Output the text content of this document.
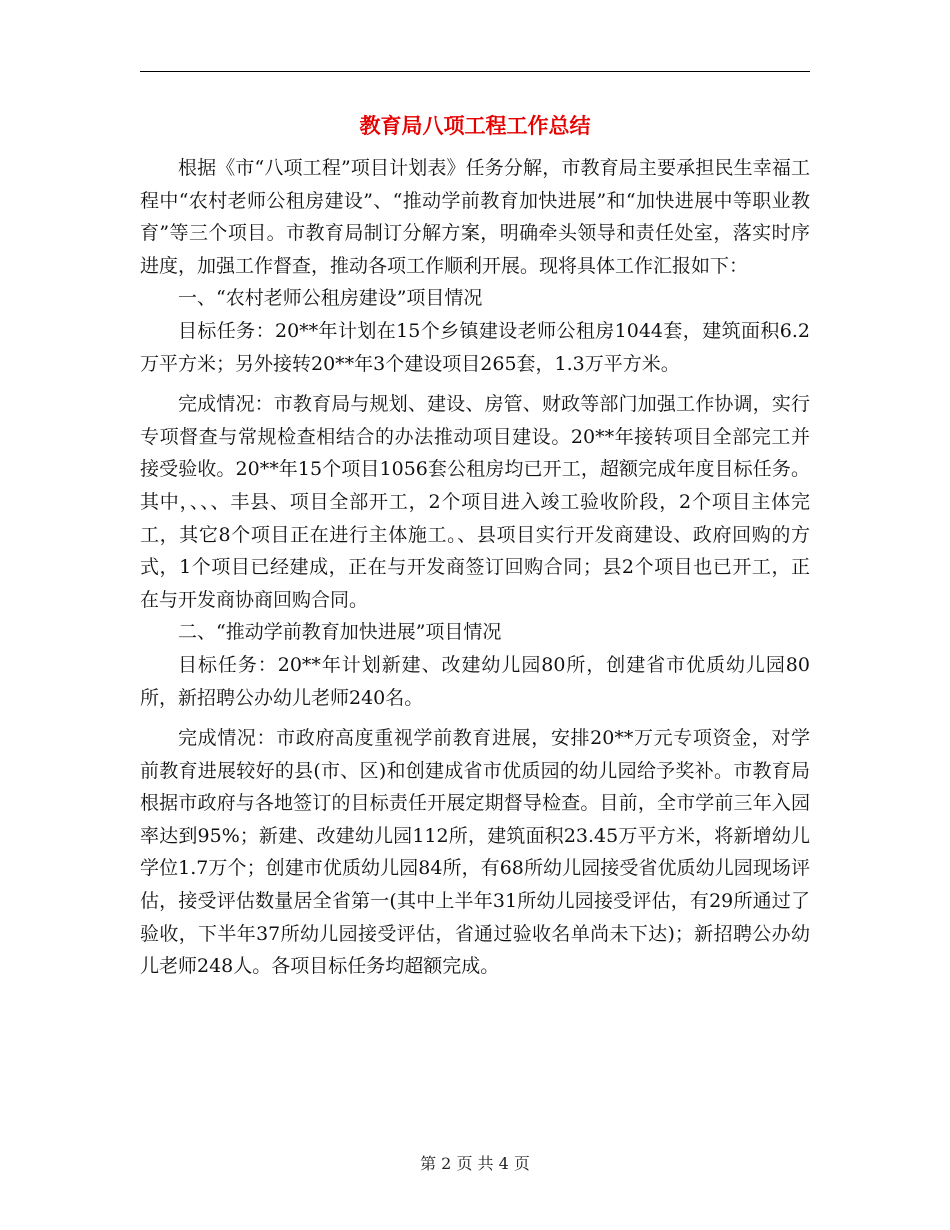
教育局八项工程工作总结

根据《市“八项工程”项目计划表》任务分解，市教育局主要承担民生幸福工程中“农村老师公租房建设”、“推动学前教育加快进展”和“加快进展中等职业教育”等三个项目。市教育局制订分解方案，明确牵头领导和责任处室，落实时序进度，加强工作督查，推动各项工作顺利开展。现将具体工作汇报如下：

一、“农村老师公租房建设”项目情况

目标任务：20**年计划在15个乡镇建设老师公租房1044套，建筑面积6.2万平方米；另外接转20**年3个建设项目265套，1.3万平方米。

完成情况：市教育局与规划、建设、房管、财政等部门加强工作协调，实行专项督查与常规检查相结合的办法推动项目建设。20**年接转项目全部完工并接受验收。20**年15个项目1056套公租房均已开工，超额完成年度目标任务。其中，、、、丰县、项目全部开工，2个项目进入竣工验收阶段，2个项目主体完工，其它8个项目正在进行主体施工。、县项目实行开发商建设、政府回购的方式，1个项目已经建成，正在与开发商签订回购合同；县2个项目也已开工，正在与开发商协商回购合同。

二、“推动学前教育加快进展”项目情况

目标任务：20**年计划新建、改建幼儿园80所，创建省市优质幼儿园80所，新招聘公办幼儿老师240名。

完成情况：市政府高度重视学前教育进展，安排20**万元专项资金，对学前教育进展较好的县(市、区)和创建成省市优质园的幼儿园给予奖补。市教育局根据市政府与各地签订的目标责任开展定期督导检查。目前，全市学前三年入园率达到95%；新建、改建幼儿园112所，建筑面积23.45万平方米，将新增幼儿学位1.7万个；创建市优质幼儿园84所，有68所幼儿园接受省优质幼儿园现场评估，接受评估数量居全省第一(其中上半年31所幼儿园接受评估，有29所通过了验收，下半年37所幼儿园接受评估，省通过验收名单尚未下达)；新招聘公办幼儿老师248人。各项目标任务均超额完成。

第 2 页 共 4 页
